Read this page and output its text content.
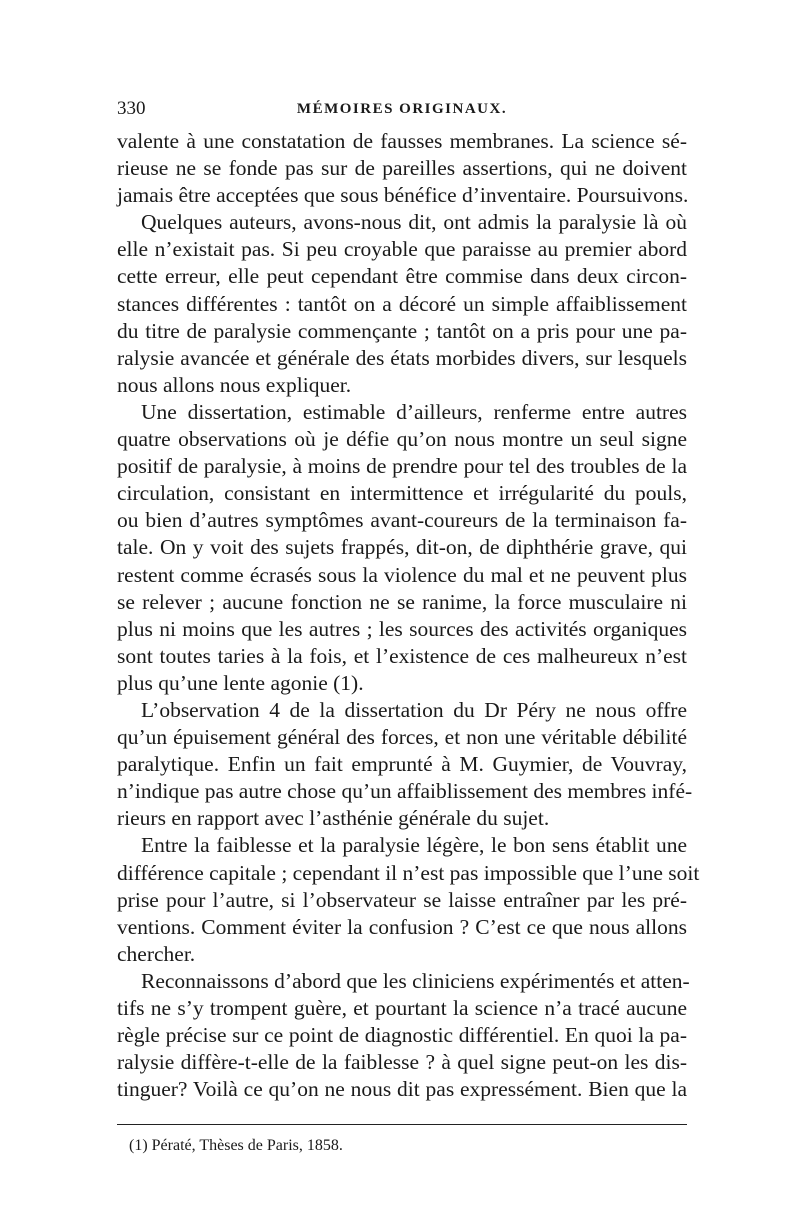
330	MÉMOIRES ORIGINAUX.
valente à une constatation de fausses membranes. La science sé-
rieuse ne se fonde pas sur de pareilles assertions, qui ne doivent
jamais être acceptées que sous bénéfice d’inventaire. Poursuivons.
Quelques auteurs, avons-nous dit, ont admis la paralysie là où
elle n’existait pas. Si peu croyable que paraisse au premier abord
cette erreur, elle peut cependant être commise dans deux circon-
stances différentes : tantôt on a décoré un simple affaiblissement
du titre de paralysie commençante ; tantôt on a pris pour une pa-
ralysie avancée et générale des états morbides divers, sur lesquels
nous allons nous expliquer.
Une dissertation, estimable d’ailleurs, renferme entre autres
quatre observations où je défie qu’on nous montre un seul signe
positif de paralysie, à moins de prendre pour tel des troubles de la
circulation, consistant en intermittence et irrégularité du pouls,
ou bien d’autres symptômes avant-coureurs de la terminaison fa-
tale. On y voit des sujets frappés, dit-on, de diphthérie grave, qui
restent comme écrasés sous la violence du mal et ne peuvent plus
se relever ; aucune fonction ne se ranime, la force musculaire ni
plus ni moins que les autres ; les sources des activités organiques
sont toutes taries à la fois, et l’existence de ces malheureux n’est
plus qu’une lente agonie (1).
L’observation 4 de la dissertation du Dr Péry ne nous offre
qu’un épuisement général des forces, et non une véritable débilité
paralytique. Enfin un fait emprunté à M. Guymier, de Vouvray,
n’indique pas autre chose qu’un affaiblissement des membres infé-
rieurs en rapport avec l’asthénie générale du sujet.
Entre la faiblesse et la paralysie légère, le bon sens établit une
différence capitale ; cependant il n’est pas impossible que l’une soit
prise pour l’autre, si l’observateur se laisse entraîner par les pré-
ventions. Comment éviter la confusion ? C’est ce que nous allons
chercher.
Reconnaissons d’abord que les cliniciens expérimentés et atten-
tifs ne s’y trompent guère, et pourtant la science n’a tracé aucune
règle précise sur ce point de diagnostic différentiel. En quoi la pa-
ralysie diffère-t-elle de la faiblesse ? à quel signe peut-on les dis-
tinguer? Voilà ce qu’on ne nous dit pas expressément. Bien que la
(1) Pératé, Thèses de Paris, 1858.
